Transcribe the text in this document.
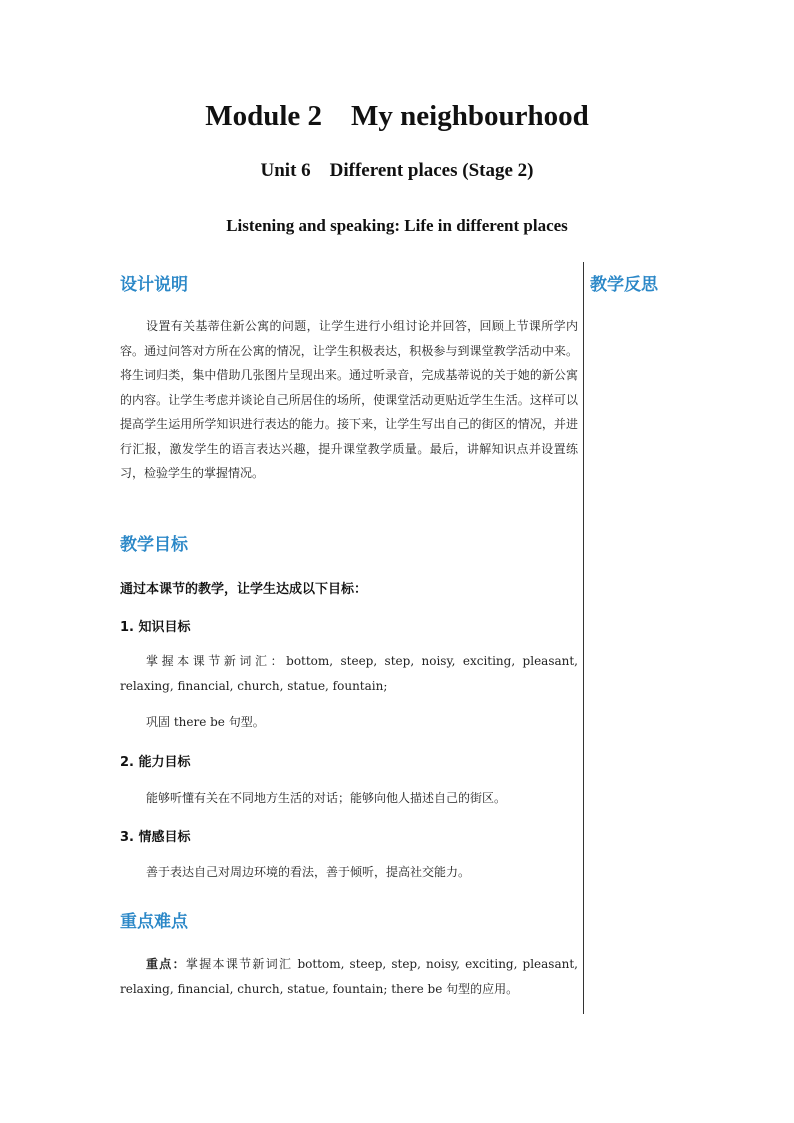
Module 2    My neighbourhood
Unit 6    Different places (Stage 2)
Listening and speaking: Life in different places
设计说明
设置有关基蒂住新公寓的问题，让学生进行小组讨论并回答，回顾上节课所学内容。通过问答对方所在公寓的情况，让学生积极表达，积极参与到课堂教学活动中来。将生词归类，集中借助几张图片呈现出来。通过听录音，完成基蒂说的关于她的新公寓的内容。让学生考虑并谈论自己所居住的场所，使课堂活动更贴近学生生活。这样可以提高学生运用所学知识进行表达的能力。接下来，让学生写出自己的街区的情况，并进行汇报，激发学生的语言表达兴趣，提升课堂教学质量。最后，讲解知识点并设置练习，检验学生的掌握情况。
教学目标
通过本课节的教学，让学生达成以下目标：
1. 知识目标
掌握本课节新词汇：bottom, steep, step, noisy, exciting, pleasant, relaxing, financial, church, statue, fountain;
巩固 there be 句型。
2. 能力目标
能够听懂有关在不同地方生活的对话；能够向他人描述自己的街区。
3. 情感目标
善于表达自己对周边环境的看法，善于倾听，提高社交能力。
重点难点
重点：掌握本课节新词汇 bottom, steep, step, noisy, exciting, pleasant, relaxing, financial, church, statue, fountain; there be 句型的应用。
教学反思
